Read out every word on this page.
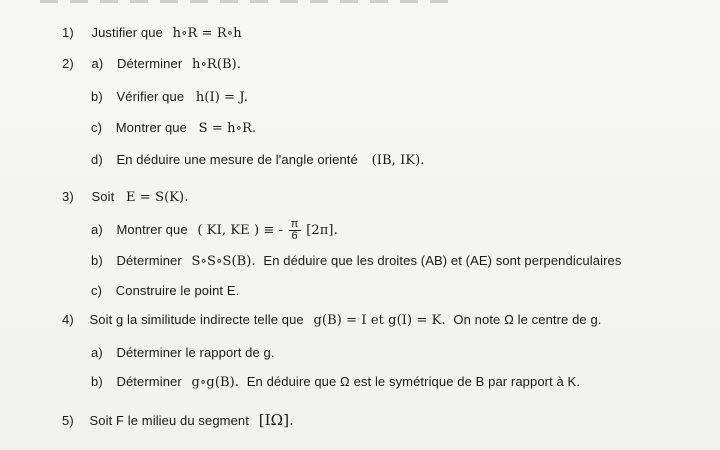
1) Justifier que h∘R = R∘h
2) a) Déterminer h∘R(B).
b) Vérifier que h(I) = J.
c) Montrer que S = h∘R.
d) En déduire une mesure de l'angle orienté (IB, IK).
3) Soit E = S(K).
a) Montrer que ( KI, KE ) ≡ - $\frac{\pi}{6} [2\pi]$.
b) Déterminer S∘S∘S(B). En déduire que les droites (AB) et (AE) sont perpendiculaires
c) Construire le point E.
4) Soit g la similitude indirecte telle que g(B) = I et g(I) = K. On note Ω le centre de g.
a) Déterminer le rapport de g.
b) Déterminer g∘g(B). En déduire que Ω est le symétrique de B par rapport à K.
5) Soit F le milieu du segment [IΩ].
